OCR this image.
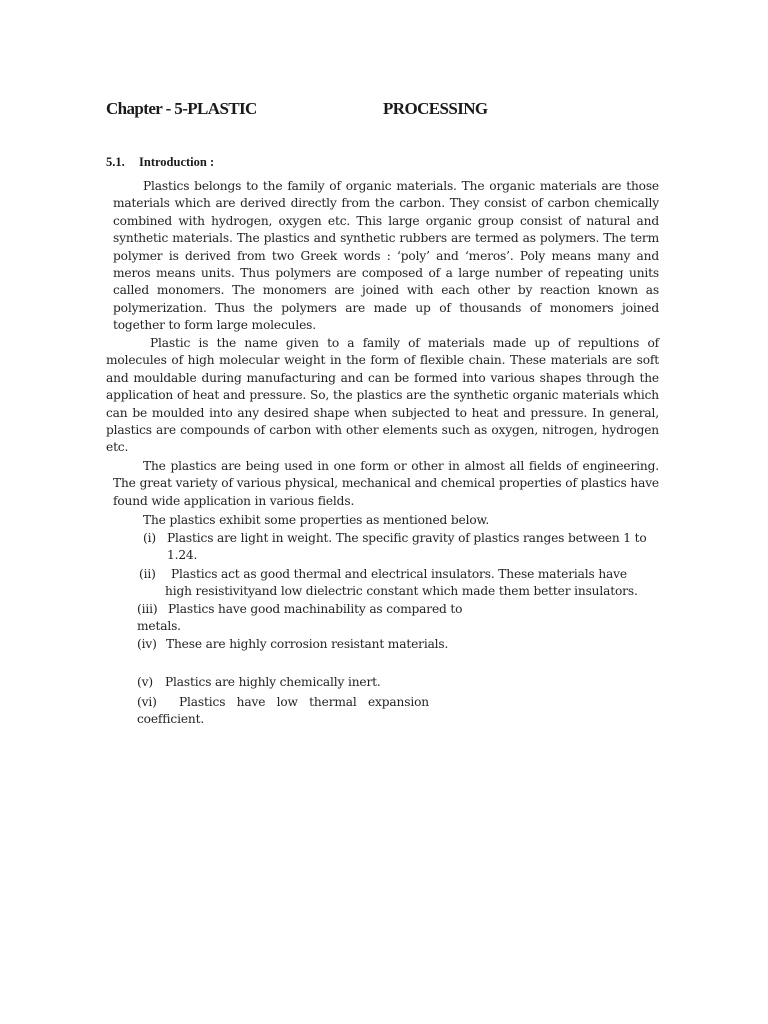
Chapter - 5-PLASTIC	PROCESSING
5.1. Introduction :
Plastics belongs to the family of organic materials. The organic materials are those materials which are derived directly from the carbon. They consist of carbon chemically combined with hydrogen, oxygen etc. This large organic group consist of natural and synthetic materials. The plastics and synthetic rubbers are termed as polymers. The term polymer is derived from two Greek words : ‘poly’ and ‘meros’. Poly means many and meros means units. Thus polymers are composed of a large number of repeating units called monomers. The monomers are joined with each other by reaction known as polymerization. Thus the polymers are made up of thousands of monomers joined together to form large molecules.
Plastic is the name given to a family of materials made up of repultions of molecules of high molecular weight in the form of flexible chain. These materials are soft and mouldable during manufacturing and can be formed into various shapes through the application of heat and pressure. So, the plastics are the synthetic organic materials which can be moulded into any desired shape when subjected to heat and pressure. In general, plastics are compounds of carbon with other elements such as oxygen, nitrogen, hydrogen etc.
The plastics are being used in one form or other in almost all fields of engineering. The great variety of various physical, mechanical and chemical properties of plastics have found wide application in various fields.
The plastics exhibit some properties as mentioned below.
(i) Plastics are light in weight. The specific gravity of plastics ranges between 1 to
1.24.
(ii) Plastics act as good thermal and electrical insulators. These materials have
high resistivityand low dielectric constant which made them better insulators.
(iii) Plastics have good machinability as compared to
metals.
(iv) These are highly corrosion resistant materials.
(v) Plastics are highly chemically inert.
(vi) Plastics have low thermal expansion
coefficient.
